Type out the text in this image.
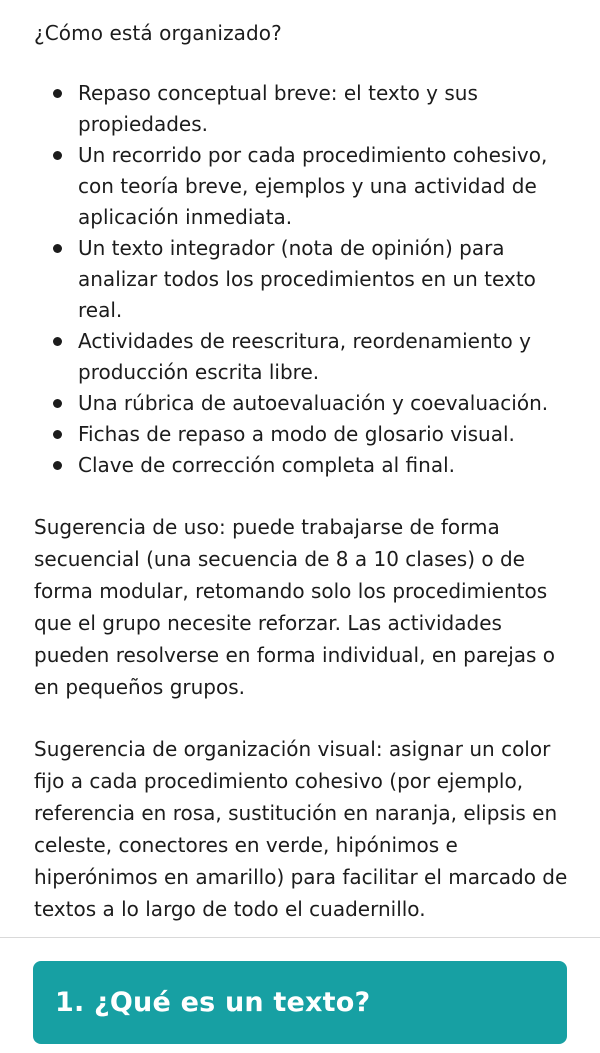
¿Cómo está organizado?

Repaso conceptual breve: el texto y sus propiedades.
Un recorrido por cada procedimiento cohesivo, con teoría breve, ejemplos y una actividad de aplicación inmediata.
Un texto integrador (nota de opinión) para analizar todos los procedimientos en un texto real.
Actividades de reescritura, reordenamiento y producción escrita libre.
Una rúbrica de autoevaluación y coevaluación.
Fichas de repaso a modo de glosario visual.
Clave de corrección completa al final.

Sugerencia de uso: puede trabajarse de forma secuencial (una secuencia de 8 a 10 clases) o de forma modular, retomando solo los procedimientos que el grupo necesite reforzar. Las actividades pueden resolverse en forma individual, en parejas o en pequeños grupos.

Sugerencia de organización visual: asignar un color fijo a cada procedimiento cohesivo (por ejemplo, referencia en rosa, sustitución en naranja, elipsis en celeste, conectores en verde, hipónimos e hiperónimos en amarillo) para facilitar el marcado de textos a lo largo de todo el cuadernillo.

1. ¿Qué es un texto?
